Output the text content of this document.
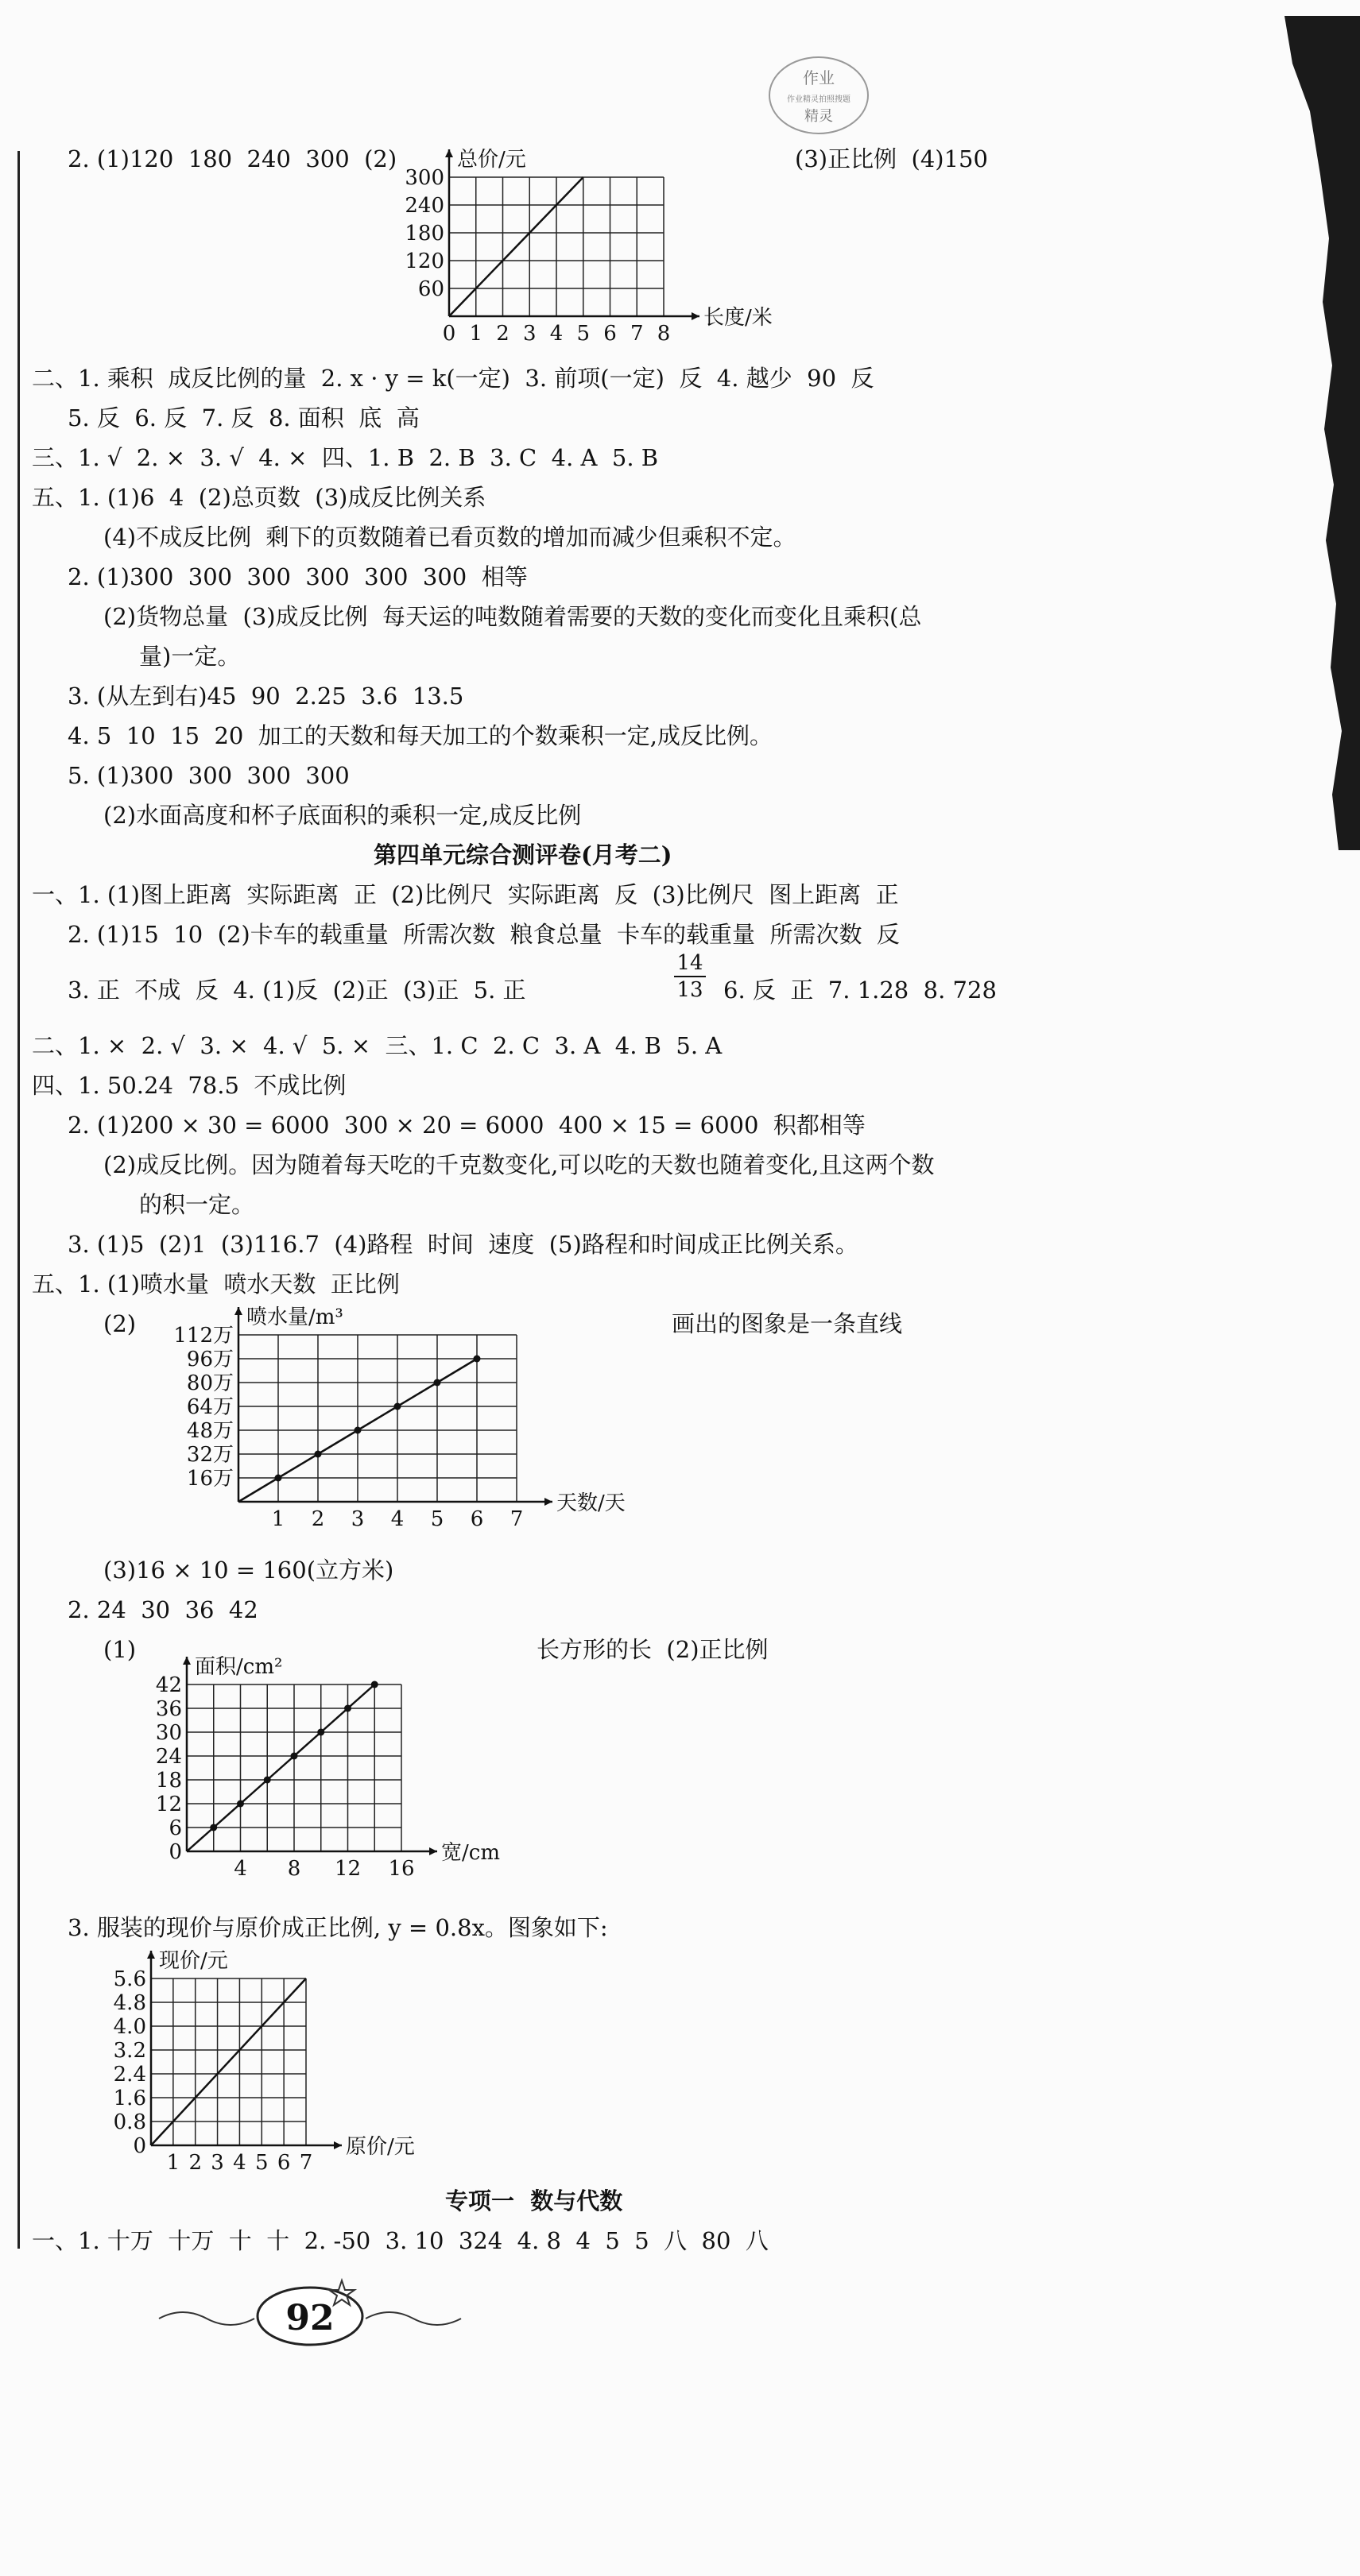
作业
作业精灵拍照搜题
精灵
2. (1)120  180  240  300  (2)	(3)正比例  (4)150
0 1 2 3 4 5 6 7 8
60
120
180
240
300
总价/元
长度/米
二、1. 乘积  成反比例的量  2. x · y = k(一定)  3. 前项(一定)  反  4. 越少  90  反
5. 反  6. 反  7. 反  8. 面积  底  高
三、1. √  2. ×  3. √  4. ×  四、1. B  2. B  3. C  4. A  5. B
五、1. (1)6  4  (2)总页数  (3)成反比例关系
(4)不成反比例  剩下的页数随着已看页数的增加而减少但乘积不定。
2. (1)300  300  300  300  300  300  相等
(2)货物总量  (3)成反比例  每天运的吨数随着需要的天数的变化而变化且乘积(总
量)一定。
3. (从左到右)45  90  2.25  3.6  13.5
4. 5  10  15  20  加工的天数和每天加工的个数乘积一定,成反比例。
5. (1)300  300  300  300
(2)水面高度和杯子底面积的乘积一定,成反比例
第四单元综合测评卷(月考二)
一、1. (1)图上距离  实际距离  正  (2)比例尺  实际距离  反  (3)比例尺  图上距离  正
2. (1)15  10  (2)卡车的载重量  所需次数  粮食总量  卡车的载重量  所需次数  反
3. 正  不成  反  4. (1)反  (2)正  (3)正  5. 正	$\frac{14}{13} 6$. 反  正  7. 1.28  8. 728
二、1. ×  2. √  3. ×  4. √  5. ×  三、1. C  2. C  3. A  4. B  5. A
四、1. 50.24  78.5  不成比例
2. (1)200 × 30 = 6000  300 × 20 = 6000  400 × 15 = 6000  积都相等
(2)成反比例。因为随着每天吃的千克数变化,可以吃的天数也随着变化,且这两个数
的积一定。
3. (1)5  (2)1  (3)116.7  (4)路程  时间  速度  (5)路程和时间成正比例关系。
五、1. (1)喷水量  喷水天数  正比例
(2)	画出的图象是一条直线
1 2 3 4 5 6 7
16万
32万
48万
64万
80万
96万
112万
喷水量/m³
天数/天
(3)16 × 10 = 160(立方米)
2. 24  30  36  42
(1)	长方形的长  (2)正比例
4 8 12 16
0
6
12
18
24
30
36
42
面积/cm²
宽/cm
3. 服装的现价与原价成正比例, y = 0.8x。图象如下:
1 2 3 4 5 6 7
0
0.8
1.6
2.4
3.2
4.0
4.8
5.6
现价/元
原价/元
专项一  数与代数
一、1. 十万  十万  十  十  2. -50  3. 10  324  4. 8  4  5  5  八  80  八
92
